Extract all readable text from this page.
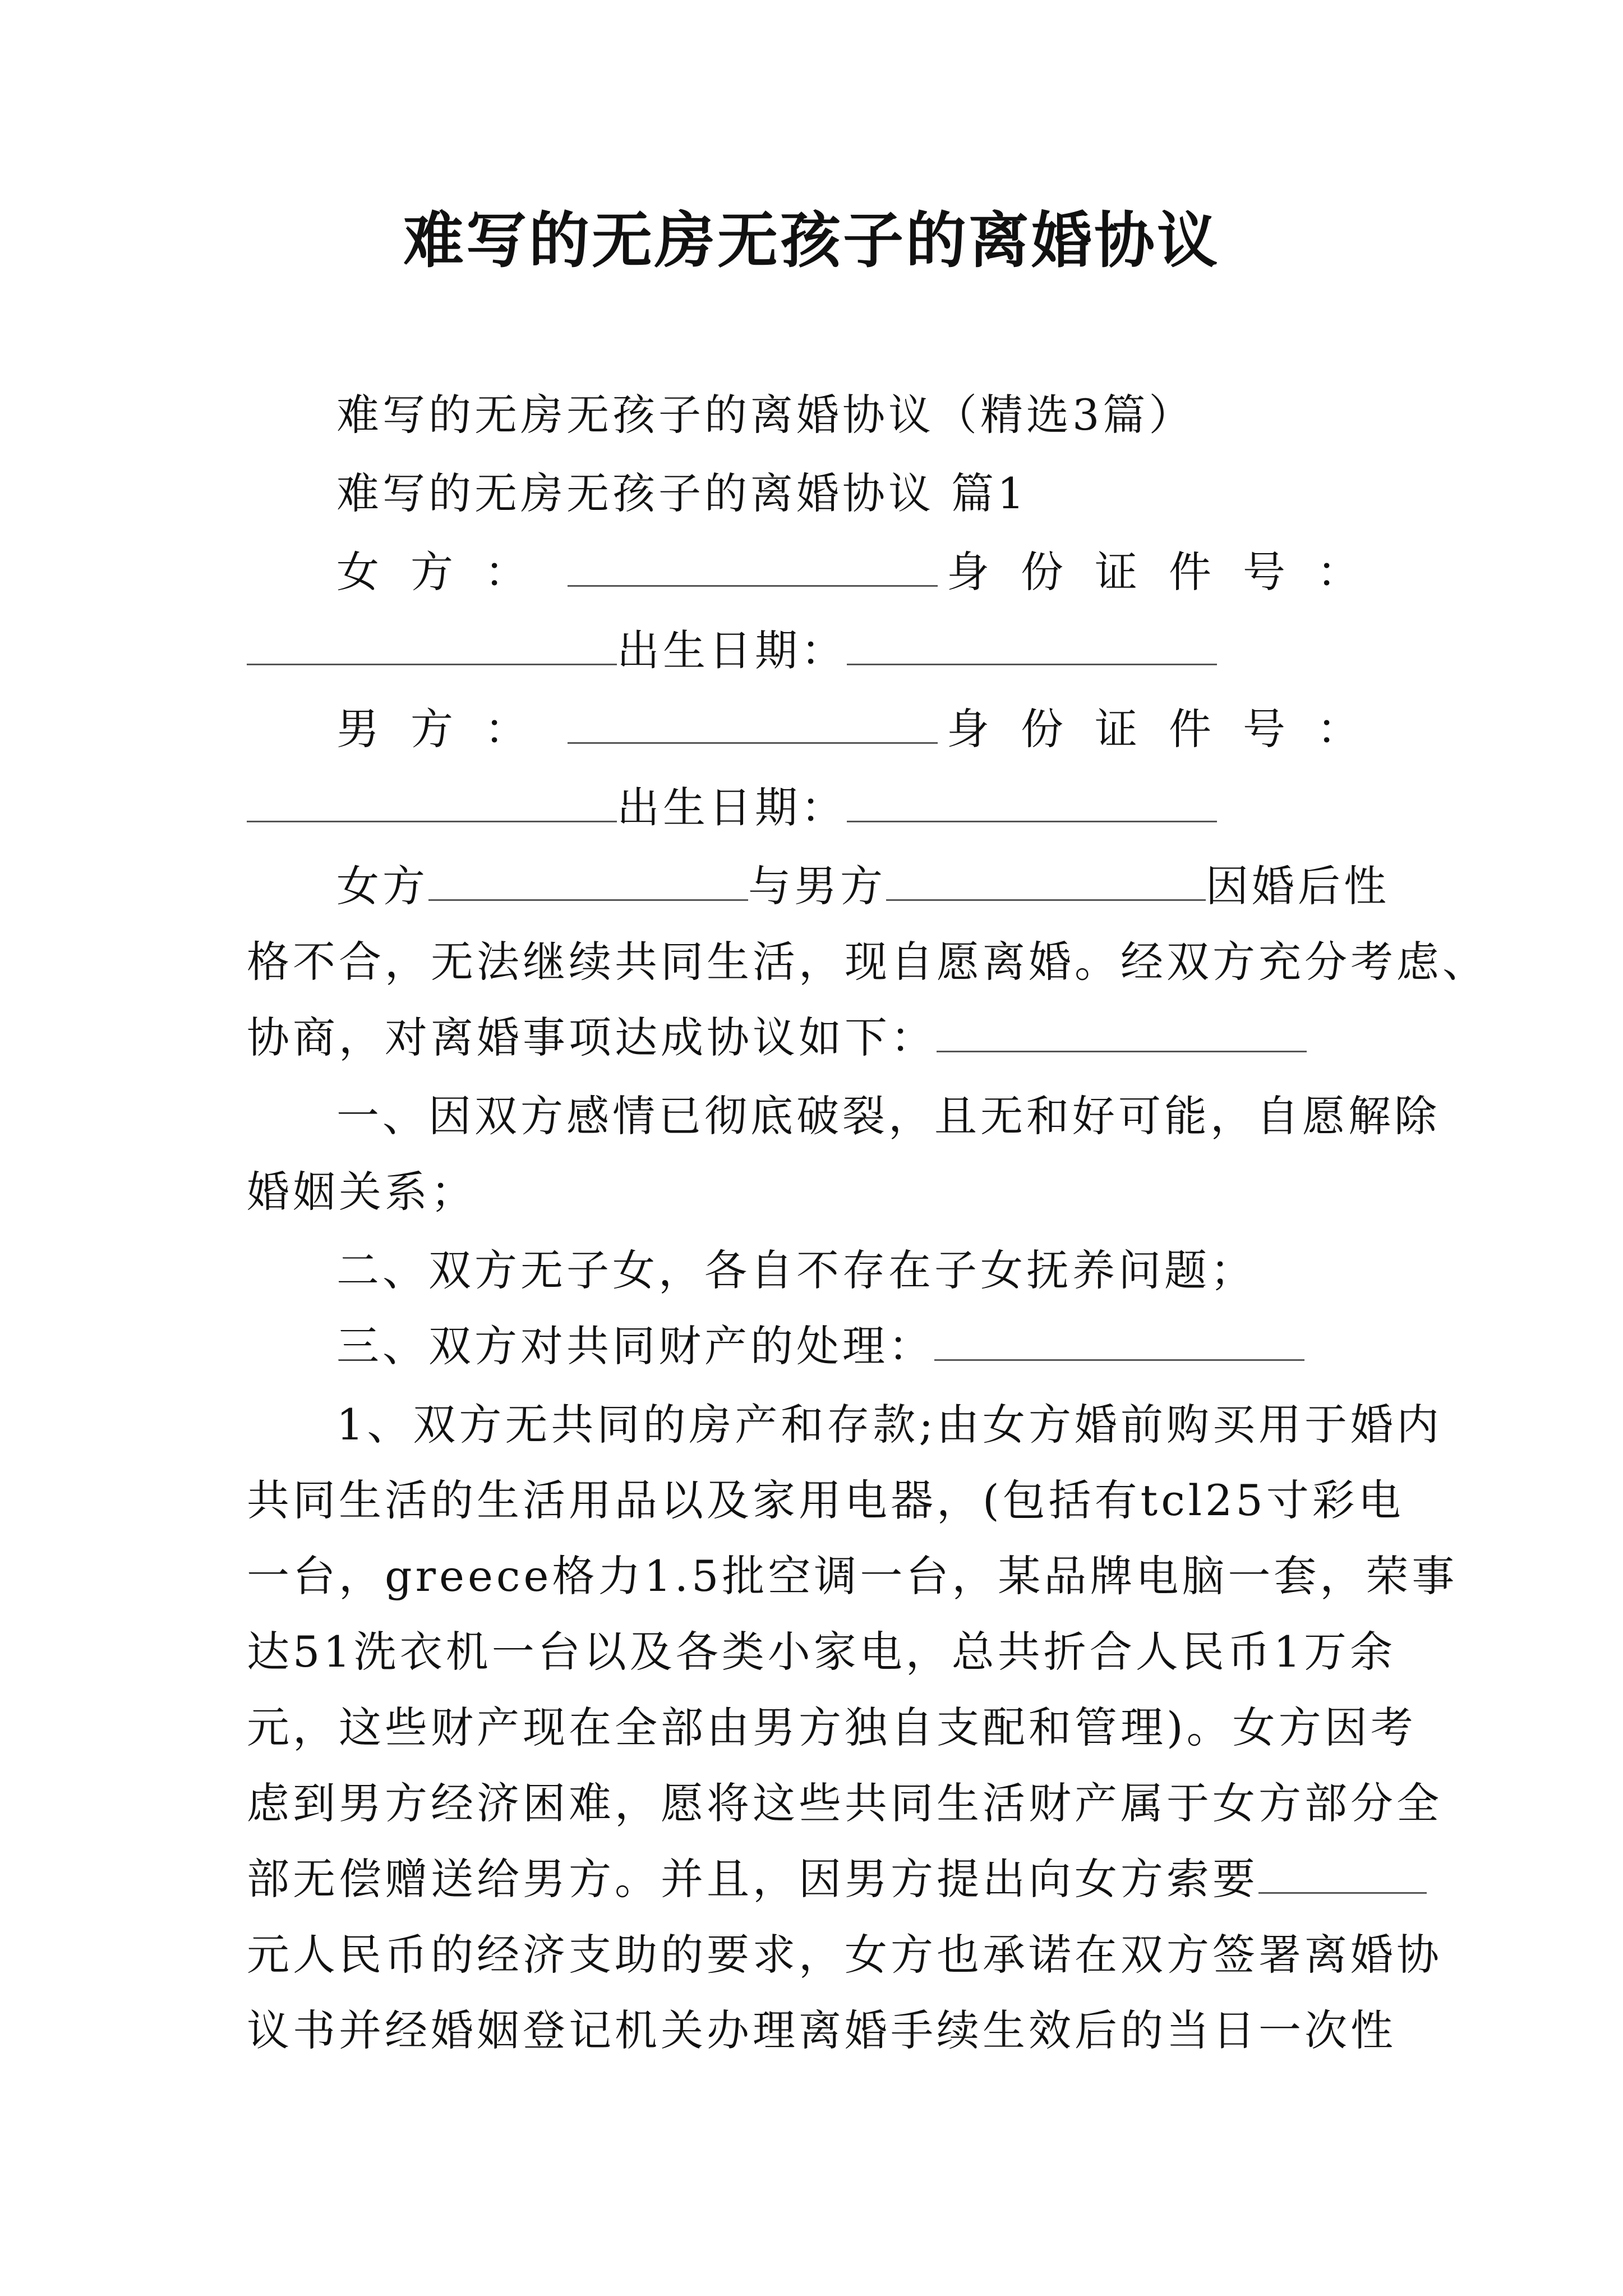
难写的无房无孩子的离婚协议
难写的无房无孩子的离婚协议（精选3篇）
难写的无房无孩子的离婚协议 篇1
女方：	身份证件号：
出生日期：
男方：	身份证件号：
出生日期：
女方	与男方	因婚后性
格不合，无法继续共同生活，现自愿离婚。经双方充分考虑、
协商，对离婚事项达成协议如下：
一、因双方感情已彻底破裂，且无和好可能，自愿解除
婚姻关系；
二、双方无子女，各自不存在子女抚养问题；
三、双方对共同财产的处理：
1、双方无共同的房产和存款;由女方婚前购买用于婚内
共同生活的生活用品以及家用电器，(包括有tcl25寸彩电
一台，greece格力1.5批空调一台，某品牌电脑一套，荣事
达51洗衣机一台以及各类小家电，总共折合人民币1万余
元，这些财产现在全部由男方独自支配和管理)。女方因考
虑到男方经济困难，愿将这些共同生活财产属于女方部分全
部无偿赠送给男方。并且，因男方提出向女方索要
元人民币的经济支助的要求，女方也承诺在双方签署离婚协
议书并经婚姻登记机关办理离婚手续生效后的当日一次性
